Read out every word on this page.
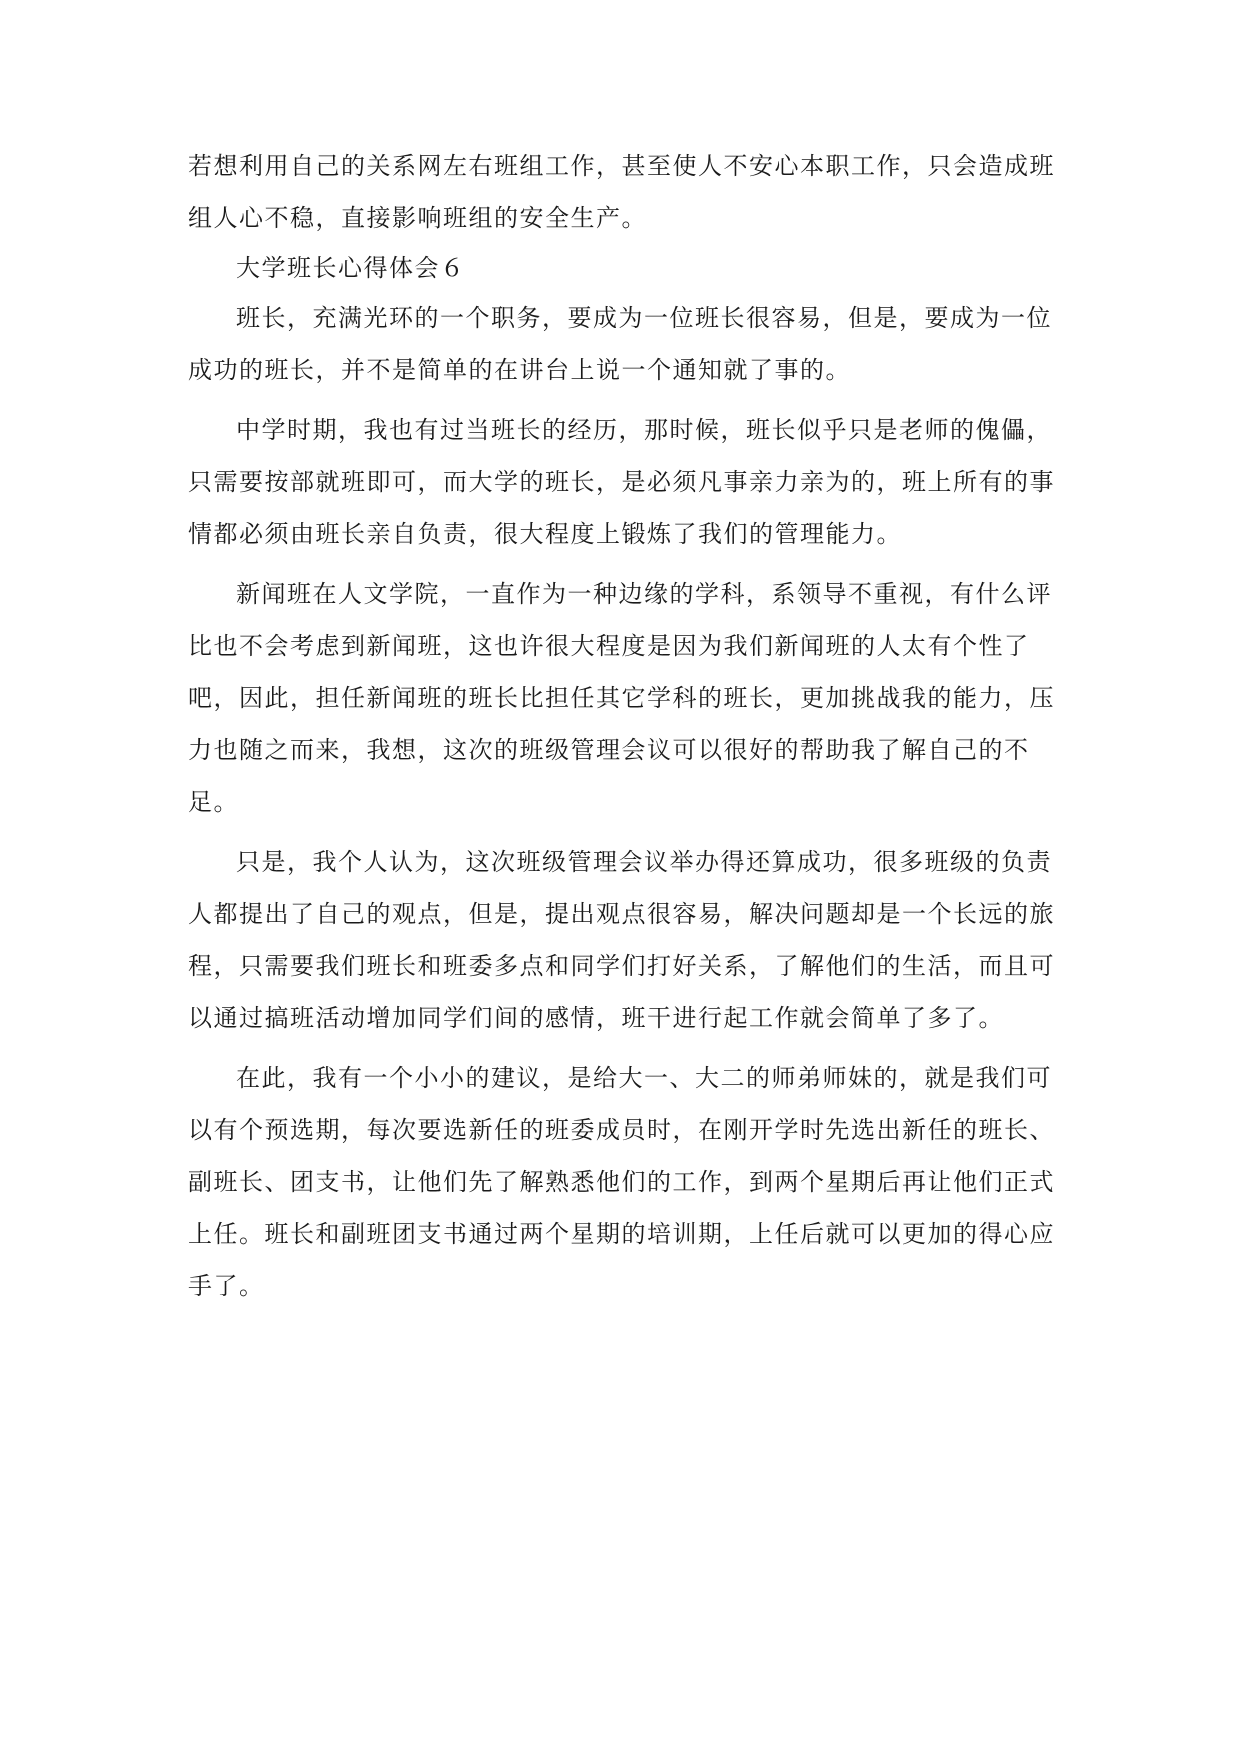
若想利用自己的关系网左右班组工作，甚至使人不安心本职工作，只会造成班
组人心不稳，直接影响班组的安全生产。
大学班长心得体会６
班长，充满光环的一个职务，要成为一位班长很容易，但是，要成为一位
成功的班长，并不是简单的在讲台上说一个通知就了事的。
中学时期，我也有过当班长的经历，那时候，班长似乎只是老师的傀儡，
只需要按部就班即可，而大学的班长，是必须凡事亲力亲为的，班上所有的事
情都必须由班长亲自负责，很大程度上锻炼了我们的管理能力。
新闻班在人文学院，一直作为一种边缘的学科，系领导不重视，有什么评
比也不会考虑到新闻班，这也许很大程度是因为我们新闻班的人太有个性了
吧，因此，担任新闻班的班长比担任其它学科的班长，更加挑战我的能力，压
力也随之而来，我想，这次的班级管理会议可以很好的帮助我了解自己的不
足。
只是，我个人认为，这次班级管理会议举办得还算成功，很多班级的负责
人都提出了自己的观点，但是，提出观点很容易，解决问题却是一个长远的旅
程，只需要我们班长和班委多点和同学们打好关系，了解他们的生活，而且可
以通过搞班活动增加同学们间的感情，班干进行起工作就会简单了多了。
在此，我有一个小小的建议，是给大一、大二的师弟师妹的，就是我们可
以有个预选期，每次要选新任的班委成员时，在刚开学时先选出新任的班长、
副班长、团支书，让他们先了解熟悉他们的工作，到两个星期后再让他们正式
上任。班长和副班团支书通过两个星期的培训期，上任后就可以更加的得心应
手了。
